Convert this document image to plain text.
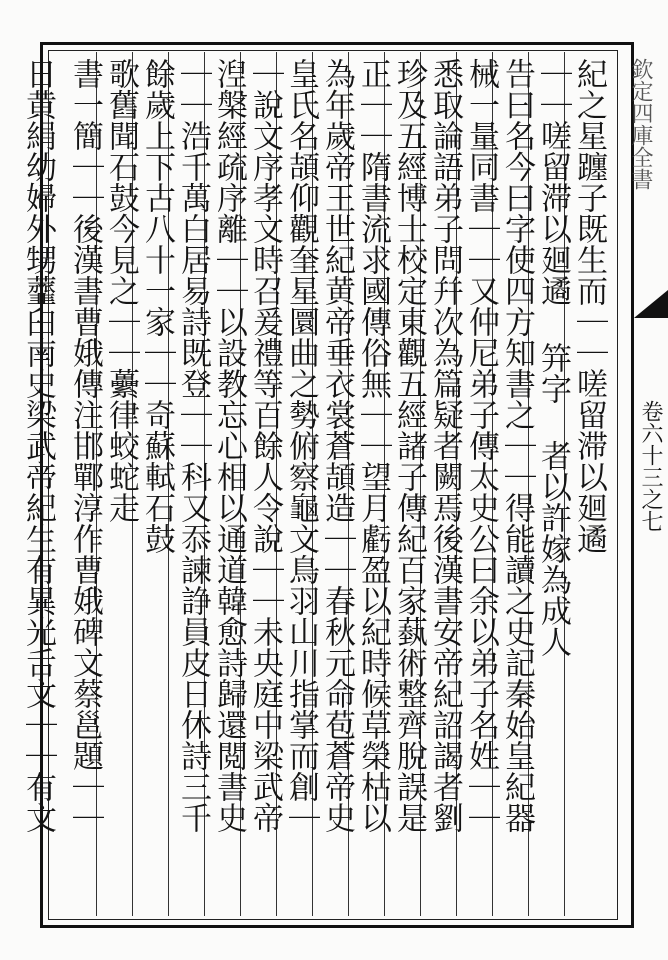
欽定四庫全書
卷六十三之七
紀之星躔子既生而｜｜嗟留滞以廻遹
｜｜嗟留滞以廻遹 笄字 者以許嫁為成人
告曰名今曰字使四方知書之｜｜得能讀之史記秦始皇紀器
械一量同書｜｜又仲尼弟子傳太史公曰余以弟子名姓｜｜
悉取論語弟子問幷次為篇疑者闕焉後漢書安帝紀詔謁者劉
珍及五經博士校定東觀五經諸子傳紀百家蓺術整齊脫誤是
正｜｜隋書流求國傳俗無｜｜望月虧盈以紀時候草榮枯以
為年歲帝王世紀黄帝垂衣裳蒼頡造｜｜春秋元命苞蒼帝史
皇氏名頡仰觀奎星圜曲之勢俯察龜文鳥羽山川指掌而創｜
｜說文序孝文時召爰禮等百餘人令說｜｜未央庭中梁武帝
湼槃經疏序離｜｜以設教忘心相以通道韓愈詩歸還閲書史
｜｜浩千萬白居易詩既登｜｜科又忝諫諍員皮日休詩三千
餘歲上下古八十一家｜｜奇蘇軾石鼓
歌舊聞石鼓今見之｜｜虆律蛟蛇走
書一簡｜｜後漢書曹娥傳注邯鄲淳作曹娥碑文蔡邕題｜｜
日黄絹幼婦外甥虀臼南史梁武帝紀生有異光舌文｜｜有文
